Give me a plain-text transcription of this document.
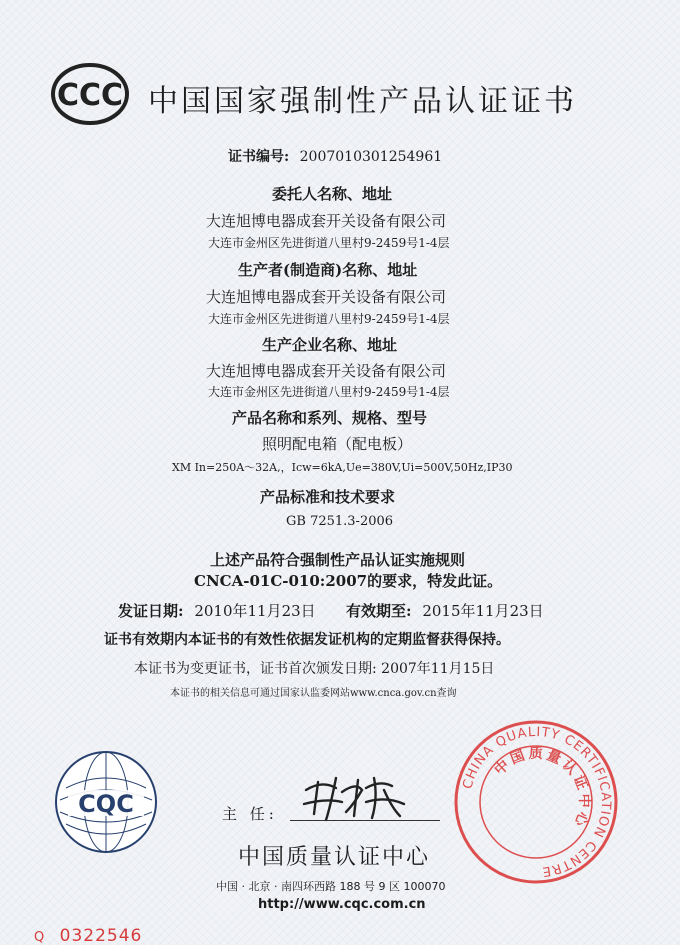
CCC 中国国家强制性产品认证证书
证书编号: 2007010301254961
委托人名称、地址
大连旭博电器成套开关设备有限公司
大连市金州区先进街道八里村9-2459号1-4层
生产者(制造商)名称、地址
大连旭博电器成套开关设备有限公司
大连市金州区先进街道八里村9-2459号1-4层
生产企业名称、地址
大连旭博电器成套开关设备有限公司
大连市金州区先进街道八里村9-2459号1-4层
产品名称和系列、规格、型号
照明配电箱（配电板）
XM In=250A～32A,，Icw=6kA,Ue=380V,Ui=500V,50Hz,IP30
产品标准和技术要求
GB 7251.3-2006
上述产品符合强制性产品认证实施规则
CNCA-01C-010:2007的要求，特发此证。
发证日期: 2010年11月23日 有效期至: 2015年11月23日
证书有效期内本证书的有效性依据发证机构的定期监督获得保持。
本证书为变更证书，证书首次颁发日期: 2007年11月15日
本证书的相关信息可通过国家认监委网站www.cnca.gov.cn查询
CQC	主 任:
中国质量认证中心
中国 · 北京 · 南四环西路 188 号 9 区 100070
http://www.cqc.com.cn
CHINA QUALITY CERTIFICATION CENTRE
中国质量认证中心
Q 0322546
